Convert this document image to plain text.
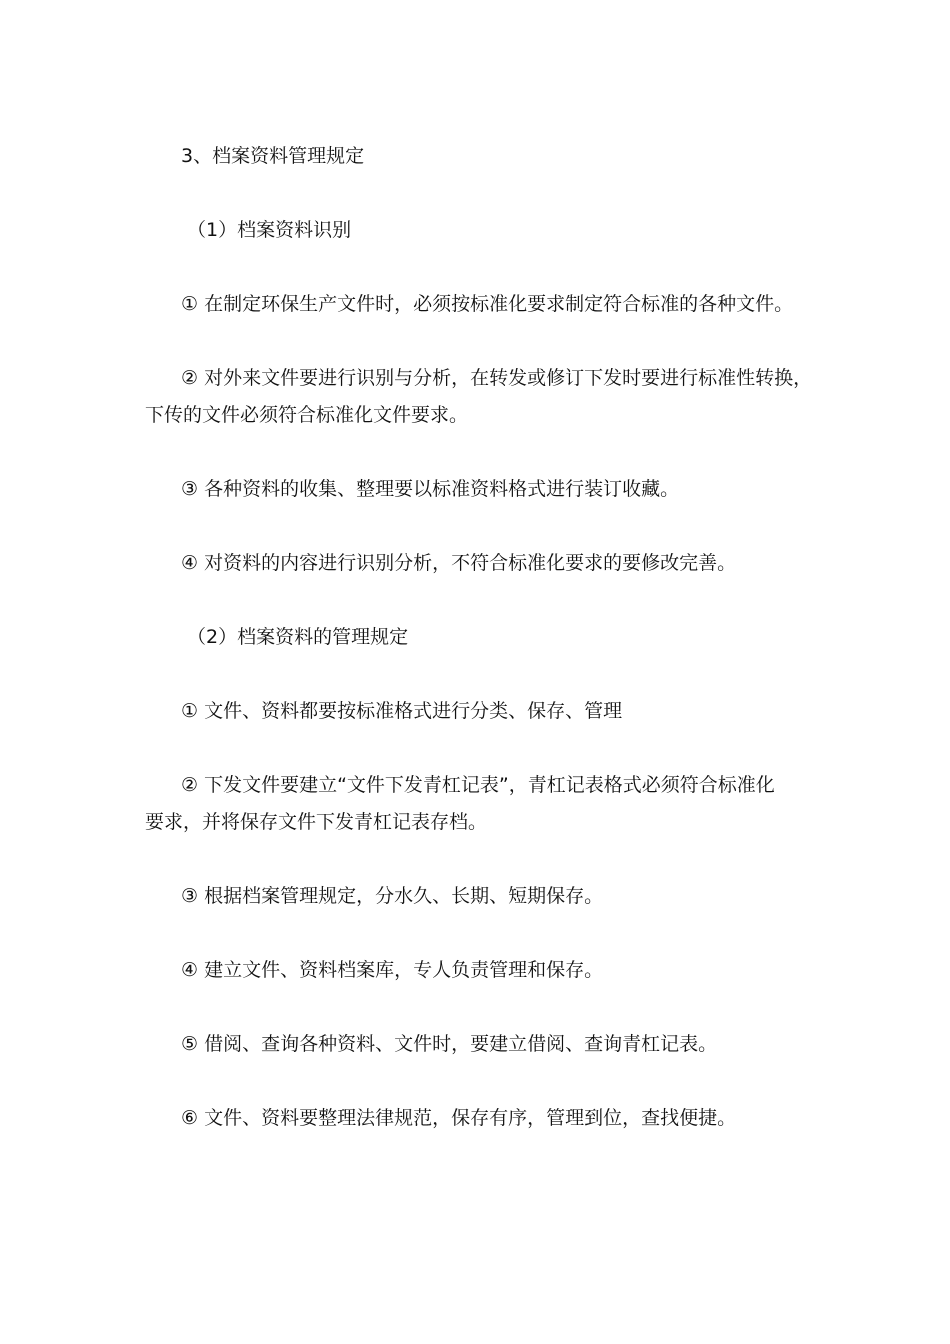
3、档案资料管理规定

（1）档案资料识别

① 在制定环保生产文件时，必须按标准化要求制定符合标准的各种文件。

② 对外来文件要进行识别与分析，在转发或修订下发时要进行标准性转换，

下传的文件必须符合标准化文件要求。

③ 各种资料的收集、整理要以标准资料格式进行装订收藏。

④ 对资料的内容进行识别分析，不符合标准化要求的要修改完善。

（2）档案资料的管理规定

① 文件、资料都要按标准格式进行分类、保存、管理

② 下发文件要建立“文件下发青杠记表”，青杠记表格式必须符合标准化

要求，并将保存文件下发青杠记表存档。

③ 根据档案管理规定，分水久、长期、短期保存。

④ 建立文件、资料档案库，专人负责管理和保存。

⑤ 借阅、查询各种资料、文件时，要建立借阅、查询青杠记表。

⑥ 文件、资料要整理法律规范，保存有序，管理到位，查找便捷。
